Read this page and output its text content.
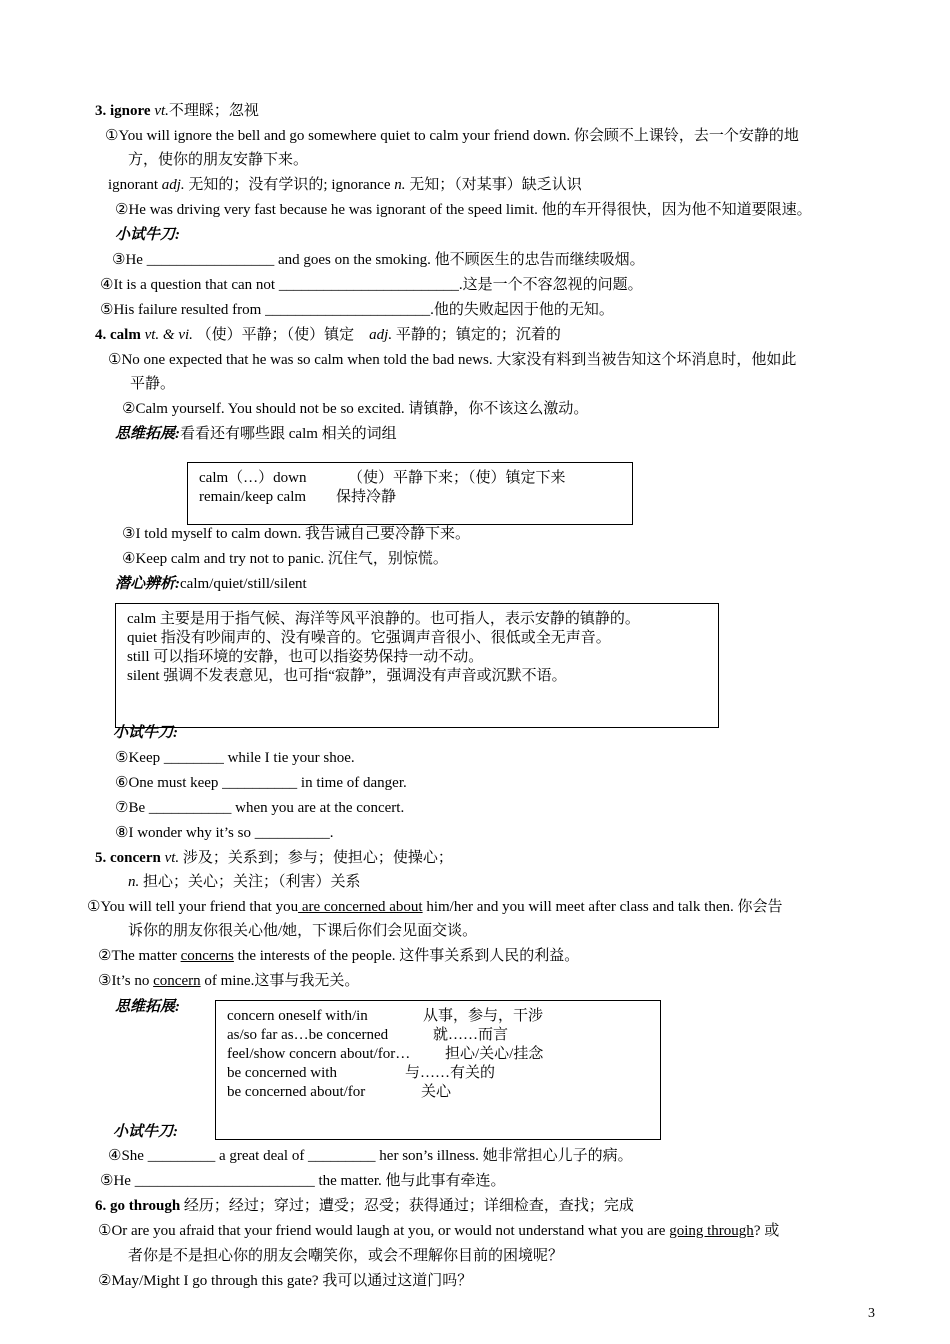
3. ignore vt.不理睬；忽视
①You will ignore the bell and go somewhere quiet to calm your friend down. 你会顾不上课铃，去一个安静的地
方，使你的朋友安静下来。
ignorant adj. 无知的；没有学识的; ignorance n. 无知；（对某事）缺乏认识
②He was driving very fast because he was ignorant of the speed limit. 他的车开得很快，因为他不知道要限速。
小试牛刀:
③He _________________ and goes on the smoking. 他不顾医生的忠告而继续吸烟。
④It is a question that can not ________________________.这是一个不容忽视的问题。
⑤His failure resulted from ______________________.他的失败起因于他的无知。
4. calm vt. & vi. （使）平静；（使）镇定    adj. 平静的；镇定的；沉着的
①No one expected that he was so calm when told the bad news. 大家没有料到当被告知这个坏消息时，他如此
平静。
②Calm yourself. You should not be so excited. 请镇静，你不该这么激动。
思维拓展:看看还有哪些跟 calm 相关的词组
calm（…）down	（使）平静下来；（使）镇定下来
remain/keep calm 保持冷静
③I told myself to calm down. 我告诫自己要冷静下来。
④Keep calm and try not to panic. 沉住气，别惊慌。
潜心辨析:calm/quiet/still/silent
calm 主要是用于指气候、海洋等风平浪静的。也可指人，表示安静的镇静的。
quiet 指没有吵闹声的、没有噪音的。它强调声音很小、很低或全无声音。
still 可以指环境的安静，也可以指姿势保持一动不动。
silent 强调不发表意见，也可指“寂静”，强调没有声音或沉默不语。
小试牛刀:
⑤Keep ________ while I tie your shoe.
⑥One must keep __________ in time of danger.
⑦Be ___________ when you are at the concert.
⑧I wonder why it’s so __________.
5. concern vt. 涉及；关系到；参与；使担心；使操心；
n. 担心；关心；关注；（利害）关系
①You will tell your friend that you are concerned about him/her and you will meet after class and talk then. 你会告
诉你的朋友你很关心他/她，下课后你们会见面交谈。
②The matter concerns the interests of the people. 这件事关系到人民的利益。
③It’s no concern of mine.这事与我无关。
思维拓展:
concern oneself with/in	从事，参与，干涉
as/so far as…be concerned	就……而言
feel/show concern about/for… 担心/关心/挂念
be concerned with	与……有关的
be concerned about/for	关心
小试牛刀:
④She _________ a great deal of _________ her son’s illness. 她非常担心儿子的病。
⑤He ________________________ the matter. 他与此事有牵连。
6. go through 经历；经过；穿过；遭受；忍受；获得通过；详细检查，查找；完成
①Or are you afraid that your friend would laugh at you, or would not understand what you are going through? 或
者你是不是担心你的朋友会嘲笑你，或会不理解你目前的困境呢？
②May/Might I go through this gate? 我可以通过这道门吗？
3
